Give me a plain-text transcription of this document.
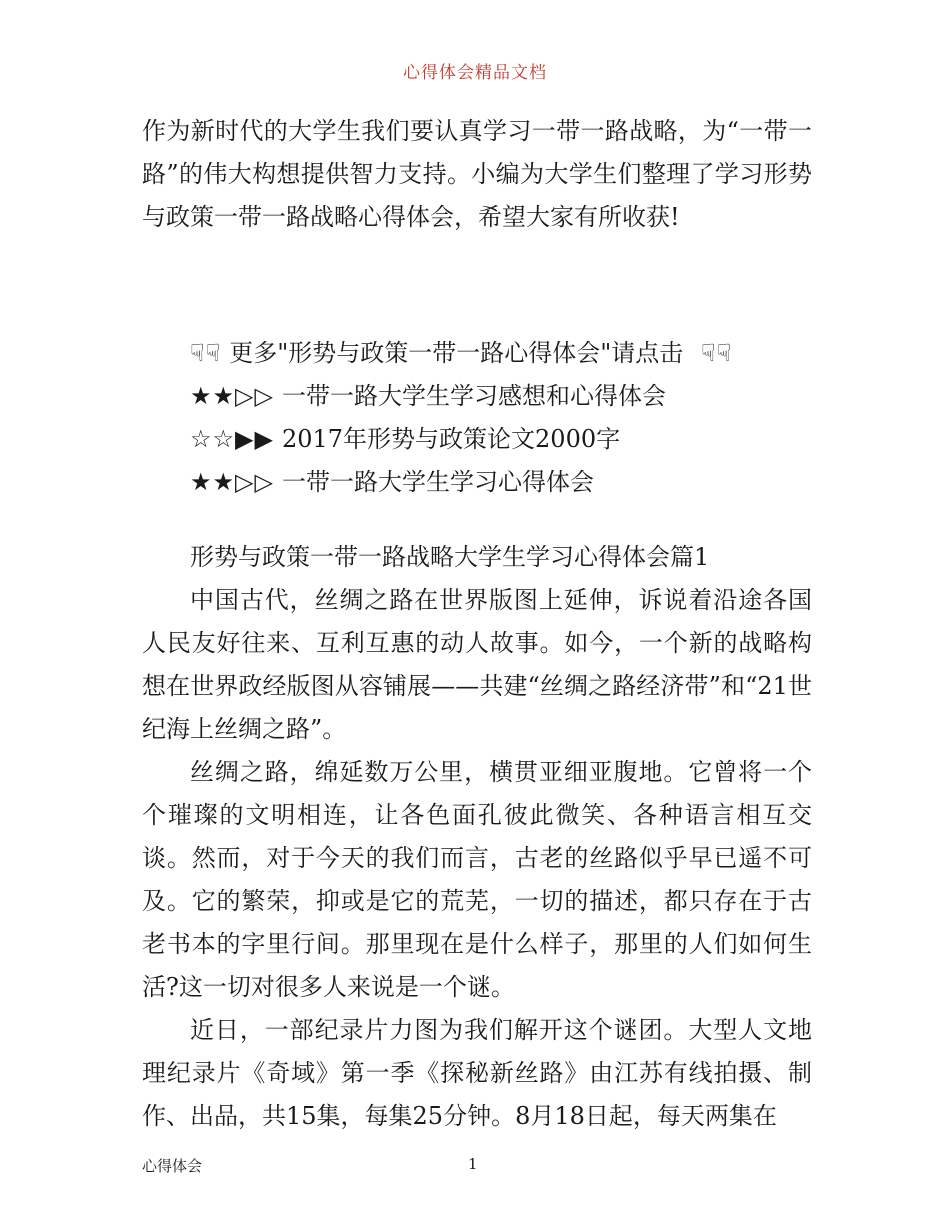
心得体会精品文档

作为新时代的大学生我们要认真学习一带一路战略，为“一带一路”的伟大构想提供智力支持。小编为大学生们整理了学习形势与政策一带一路战略心得体会，希望大家有所收获!

☟☟ 更多"形势与政策一带一路心得体会"请点击 ☟☟
★★▷▷ 一带一路大学生学习感想和心得体会
☆☆▶▶ 2017年形势与政策论文2000字
★★▷▷ 一带一路大学生学习心得体会
形势与政策一带一路战略大学生学习心得体会篇1

中国古代，丝绸之路在世界版图上延伸，诉说着沿途各国人民友好往来、互利互惠的动人故事。如今，一个新的战略构想在世界政经版图从容铺展——共建“丝绸之路经济带”和“21世纪海上丝绸之路”。

丝绸之路，绵延数万公里，横贯亚细亚腹地。它曾将一个个璀璨的文明相连，让各色面孔彼此微笑、各种语言相互交谈。然而，对于今天的我们而言，古老的丝路似乎早已遥不可及。它的繁荣，抑或是它的荒芜，一切的描述，都只存在于古老书本的字里行间。那里现在是什么样子，那里的人们如何生活?这一切对很多人来说是一个谜。

近日，一部纪录片力图为我们解开这个谜团。大型人文地理纪录片《奇域》第一季《探秘新丝路》由江苏有线拍摄、制作、出品，共15集，每集25分钟。8月18日起，每天两集在

心得体会	1
